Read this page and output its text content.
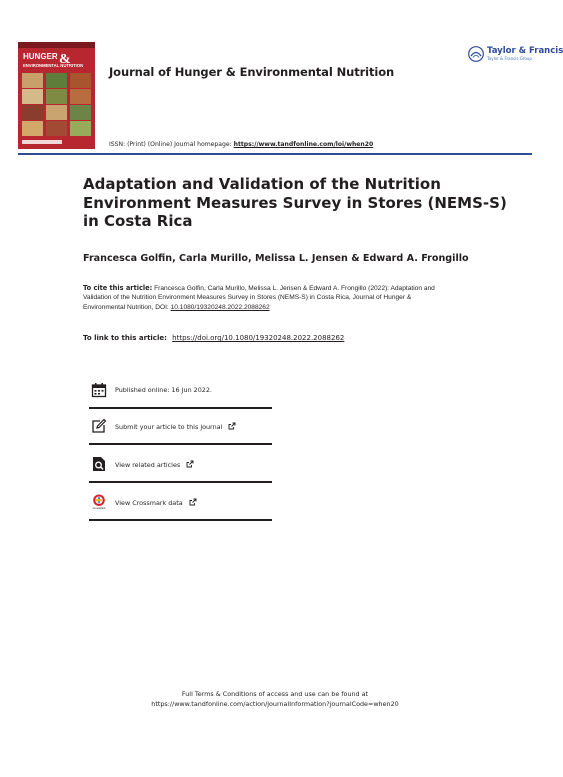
HUNGER &
ENVIRONMENTAL NUTRITION
Taylor & Francis
Taylor & Francis Group
Journal of Hunger & Environmental Nutrition
ISSN: (Print) (Online) Journal homepage: https://www.tandfonline.com/loi/when20
Adaptation and Validation of the Nutrition Environment Measures Survey in Stores (NEMS-S) in Costa Rica
Francesca Golfin, Carla Murillo, Melissa L. Jensen & Edward A. Frongillo
To cite this article: Francesca Golfin, Carla Murillo, Melissa L. Jensen & Edward A. Frongillo (2022): Adaptation and Validation of the Nutrition Environment Measures Survey in Stores (NEMS-S) in Costa Rica, Journal of Hunger & Environmental Nutrition, DOI: 10.1080/19320248.2022.2088262
To link to this article: https://doi.org/10.1080/19320248.2022.2088262
Published online: 16 Jun 2022.
Submit your article to this journal
View related articles
CrossMark
View Crossmark data
Full Terms & Conditions of access and use can be found at
https://www.tandfonline.com/action/journalInformation?journalCode=when20
